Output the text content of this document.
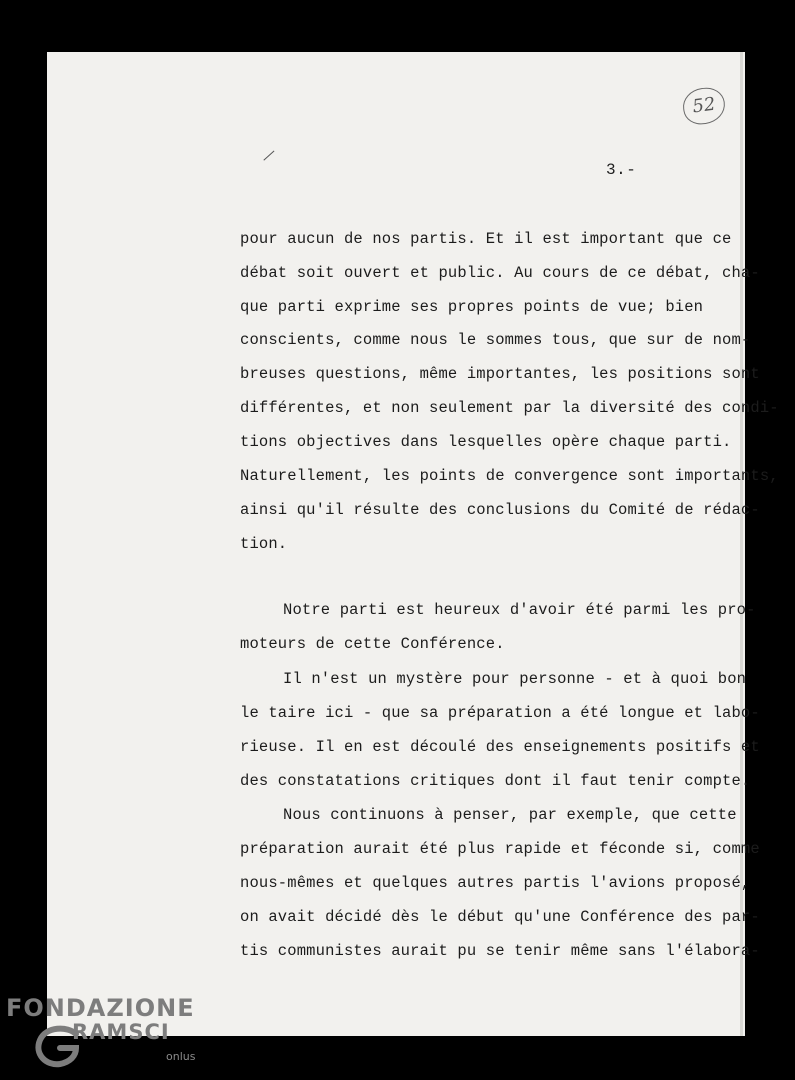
52
3.-
pour aucun de nos partis. Et il est important que ce
débat soit ouvert et public. Au cours de ce débat, cha-
que parti exprime ses propres points de vue; bien
conscients, comme nous le sommes tous, que sur de nom-
breuses questions, même importantes, les positions sont
différentes, et non seulement par la diversité des condi-
tions objectives dans lesquelles opère chaque parti.
Naturellement, les points de convergence sont importants,
ainsi qu'il résulte des conclusions du Comité de rédac-
tion.
Notre parti est heureux d'avoir été parmi les pro-
moteurs de cette Conférence.
Il n'est un mystère pour personne - et à quoi bon
le taire ici - que sa préparation a été longue et labo-
rieuse. Il en est découlé des enseignements positifs et
des constatations critiques dont il faut tenir compte.
Nous continuons à penser, par exemple, que cette
préparation aurait été plus rapide et féconde si, comme
nous-mêmes et quelques autres partis l'avions proposé,
on avait décidé dès le début qu'une Conférence des par-
tis communistes aurait pu se tenir même sans l'élabora-
FONDAZIONE
RAMSCI
onlus
